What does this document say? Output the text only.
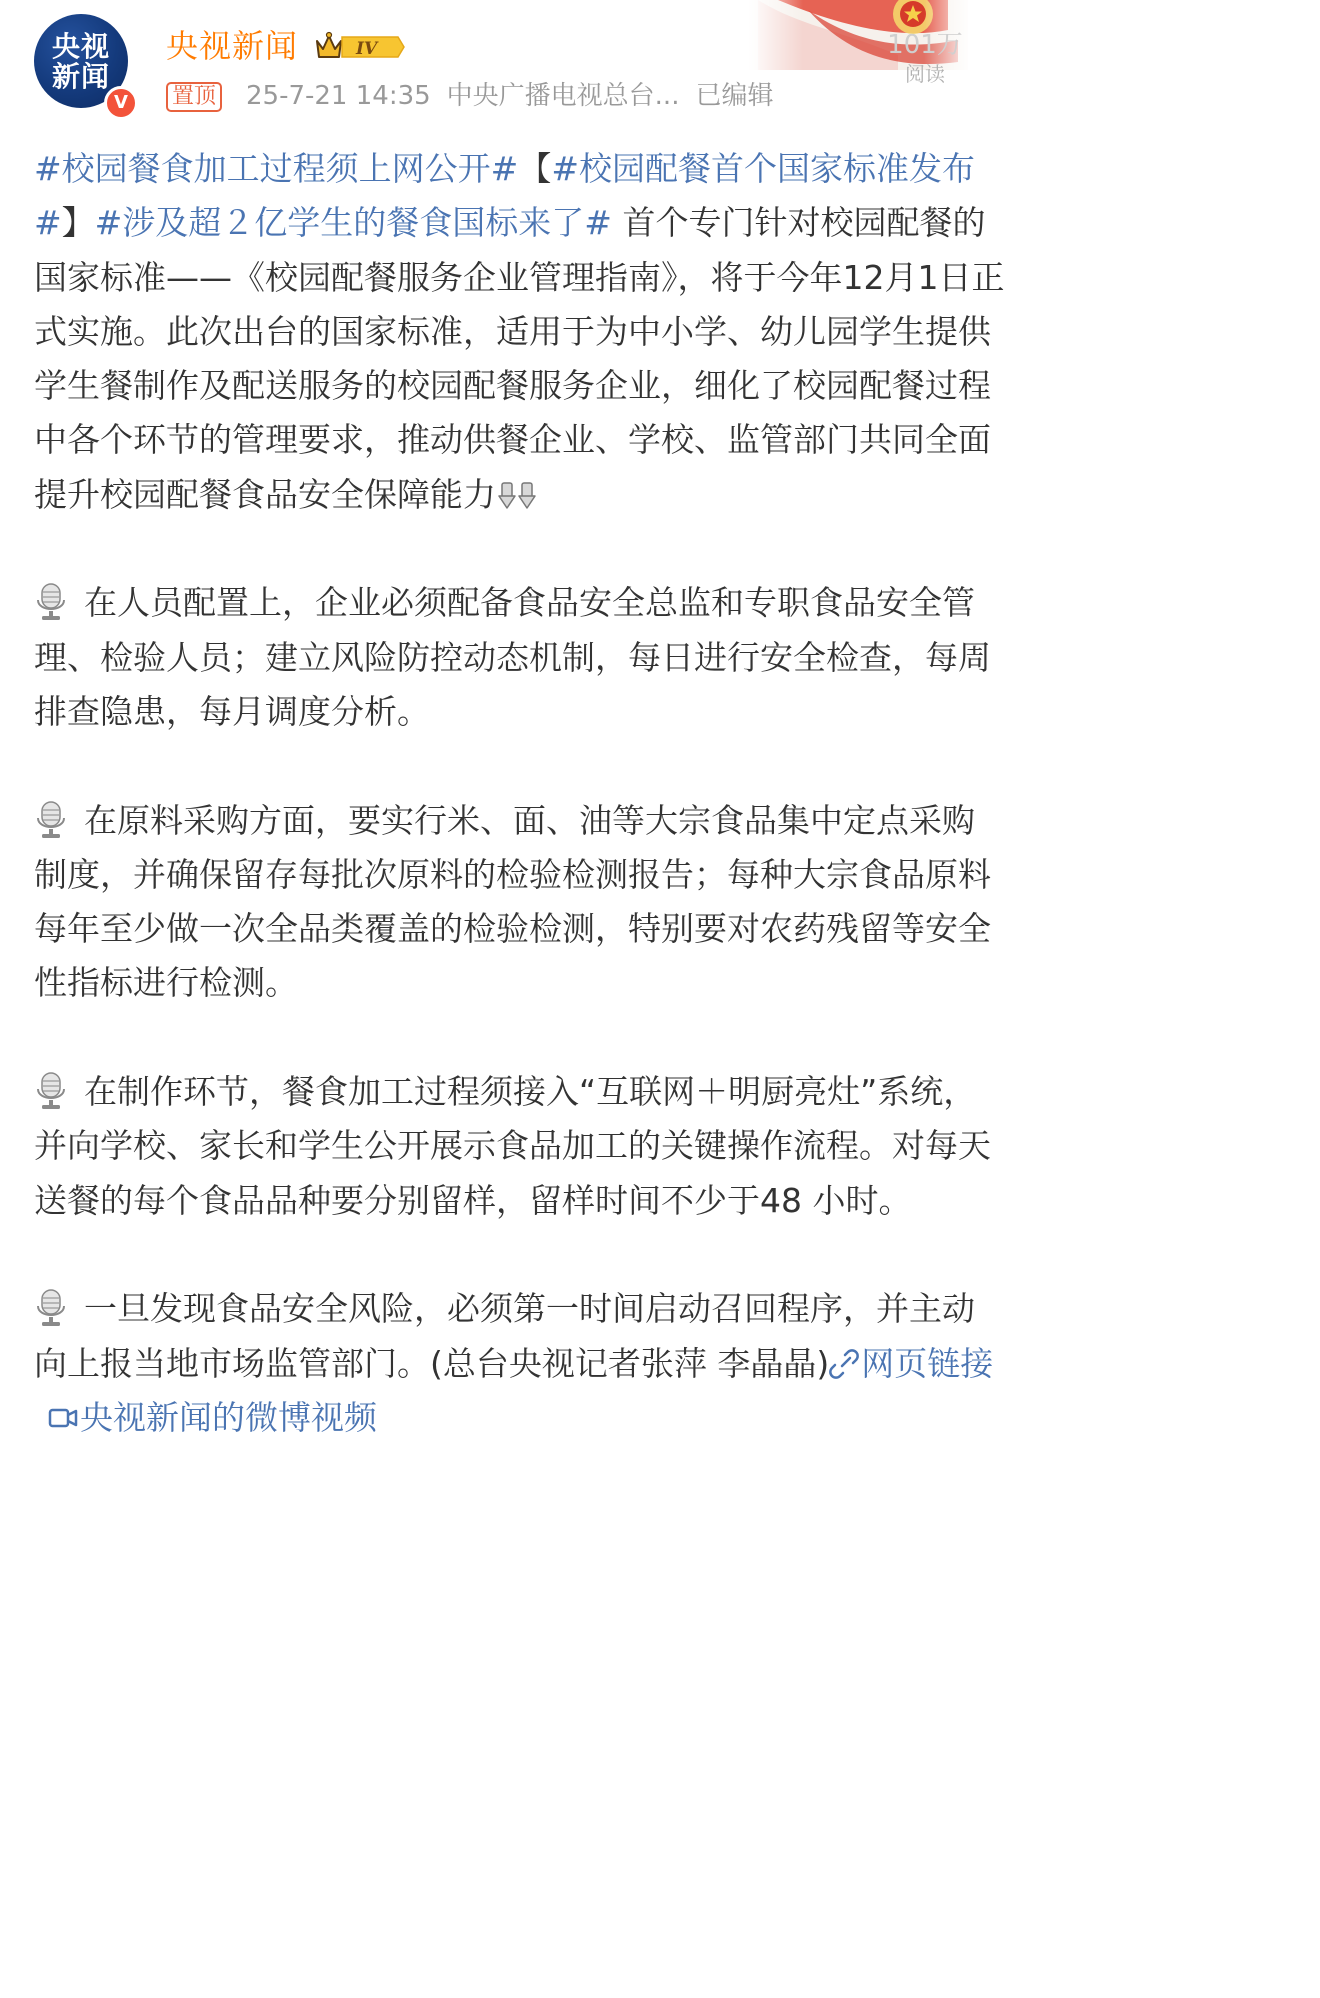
央视
新闻
V
央视新闻	IV
置顶 25-7-21 14:35 中央广播电视总台... 已编辑
101万
阅读

#校园餐食加工过程须上网公开#【#校园配餐首个国家标准发布#】#涉及超２亿学生的餐食国标来了# 首个专门针对校园配餐的国家标准——《校园配餐服务企业管理指南》，将于今年12月1日正式实施。此次出台的国家标准，适用于为中小学、幼儿园学生提供学生餐制作及配送服务的校园配餐服务企业，细化了校园配餐过程中各个环节的管理要求，推动供餐企业、学校、监管部门共同全面提升校园配餐食品安全保障能力

在人员配置上，企业必须配备食品安全总监和专职食品安全管理、检验人员；建立风险防控动态机制，每日进行安全检查，每周排查隐患，每月调度分析。

在原料采购方面，要实行米、面、油等大宗食品集中定点采购制度，并确保留存每批次原料的检验检测报告；每种大宗食品原料每年至少做一次全品类覆盖的检验检测，特别要对农药残留等安全性指标进行检测。

在制作环节，餐食加工过程须接入“互联网＋明厨亮灶”系统，并向学校、家长和学生公开展示食品加工的关键操作流程。对每天送餐的每个食品品种要分别留样，留样时间不少于48 小时。

一旦发现食品安全风险，必须第一时间启动召回程序，并主动向上报当地市场监管部门。(总台央视记者张萍 李晶晶) 网页链接央视新闻的微博视频
